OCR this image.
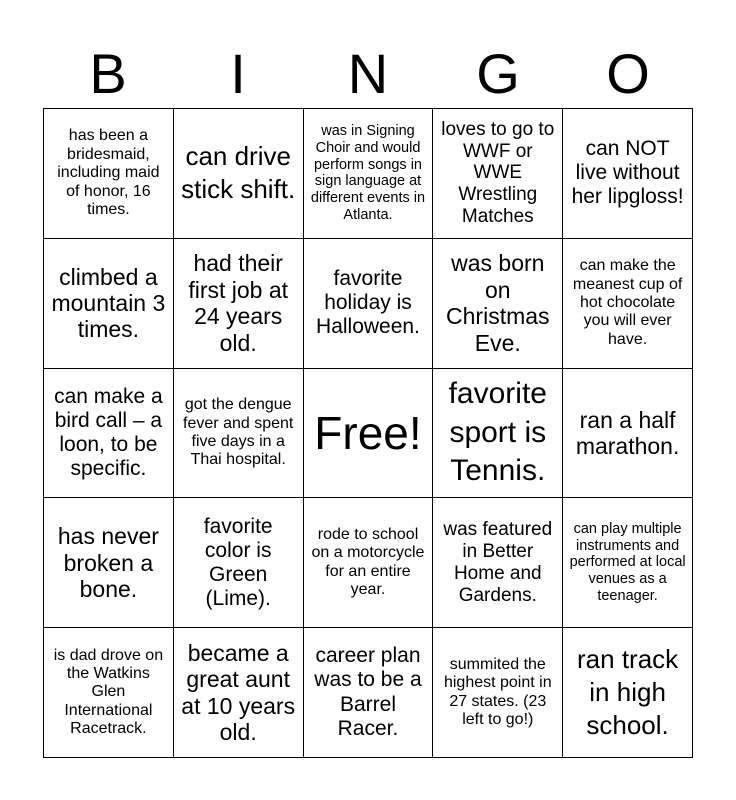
B	I	N	G	O
has been a bridesmaid, including maid of honor, 16 times.
can drive stick shift.
was in Signing Choir and would perform songs in sign language at different events in Atlanta.
loves to go to WWF or WWE Wrestling Matches
can NOT live without her lipgloss!
climbed a mountain 3 times.
had their first job at 24 years old.
favorite holiday is Halloween.
was born on Christmas Eve.
can make the meanest cup of hot chocolate you will ever have.
can make a bird call – a loon, to be specific.
got the dengue fever and spent five days in a Thai hospital.
Free!
favorite sport is Tennis.
ran a half marathon.
has never broken a bone.
favorite color is Green (Lime).
rode to school on a motorcycle for an entire year.
was featured in Better Home and Gardens.
can play multiple instruments and performed at local venues as a teenager.
is dad drove on the Watkins Glen International Racetrack.
became a great aunt at 10 years old.
career plan was to be a Barrel Racer.
summited the highest point in 27 states. (23 left to go!)
ran track in high school.
